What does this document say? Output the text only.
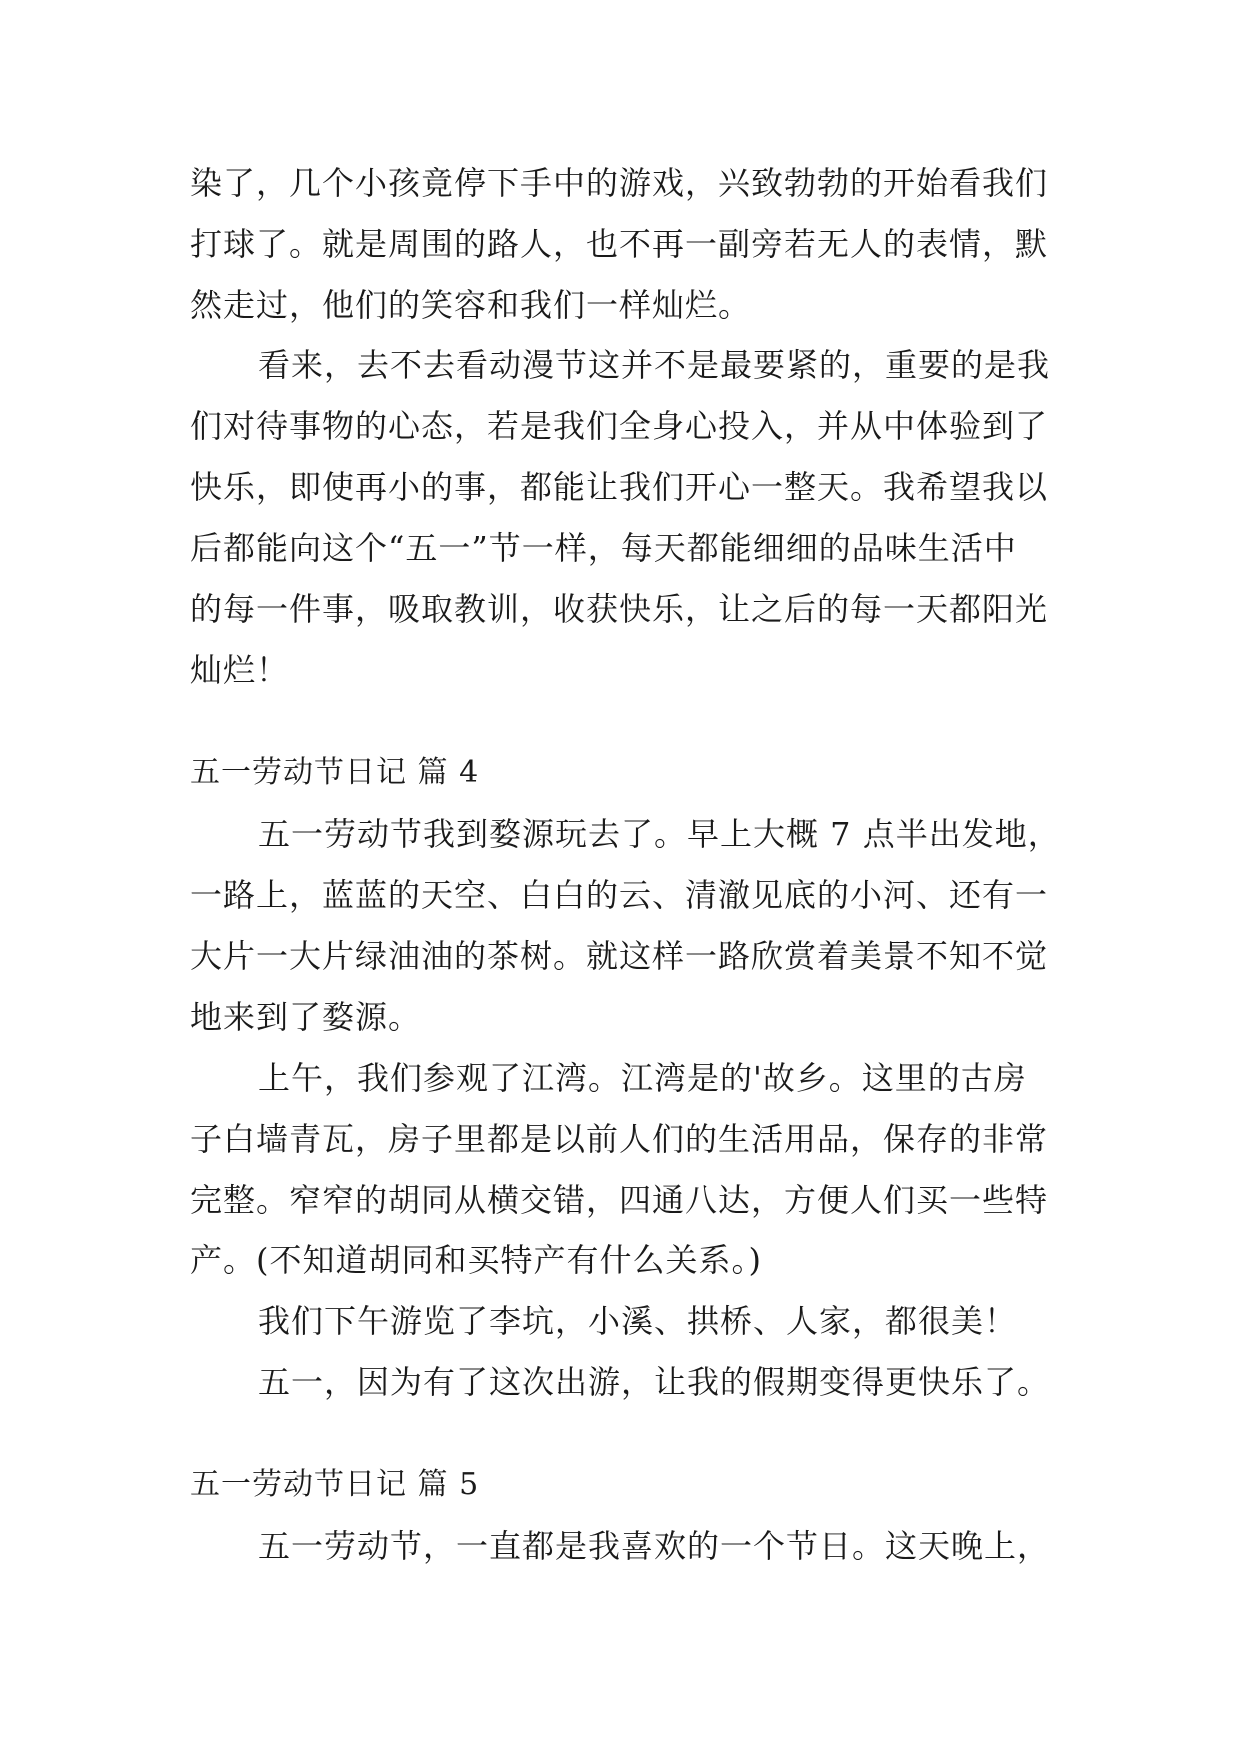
染了，几个小孩竟停下手中的游戏，兴致勃勃的开始看我们
打球了。就是周围的路人，也不再一副旁若无人的表情，默
然走过，他们的笑容和我们一样灿烂。
看来，去不去看动漫节这并不是最要紧的，重要的是我
们对待事物的心态，若是我们全身心投入，并从中体验到了
快乐，即使再小的事，都能让我们开心一整天。我希望我以
后都能向这个“五一”节一样，每天都能细细的品味生活中
的每一件事，吸取教训，收获快乐，让之后的每一天都阳光
灿烂！
五一劳动节日记 篇 4
五一劳动节我到婺源玩去了。早上大概 7 点半出发地，
一路上，蓝蓝的天空、白白的云、清澈见底的小河、还有一
大片一大片绿油油的茶树。就这样一路欣赏着美景不知不觉
地来到了婺源。
上午，我们参观了江湾。江湾是的'故乡。这里的古房
子白墙青瓦，房子里都是以前人们的生活用品，保存的非常
完整。窄窄的胡同从横交错，四通八达，方便人们买一些特
产。(不知道胡同和买特产有什么关系。)
我们下午游览了李坑，小溪、拱桥、人家，都很美！
五一，因为有了这次出游，让我的假期变得更快乐了。
五一劳动节日记 篇 5
五一劳动节，一直都是我喜欢的一个节日。这天晚上，
